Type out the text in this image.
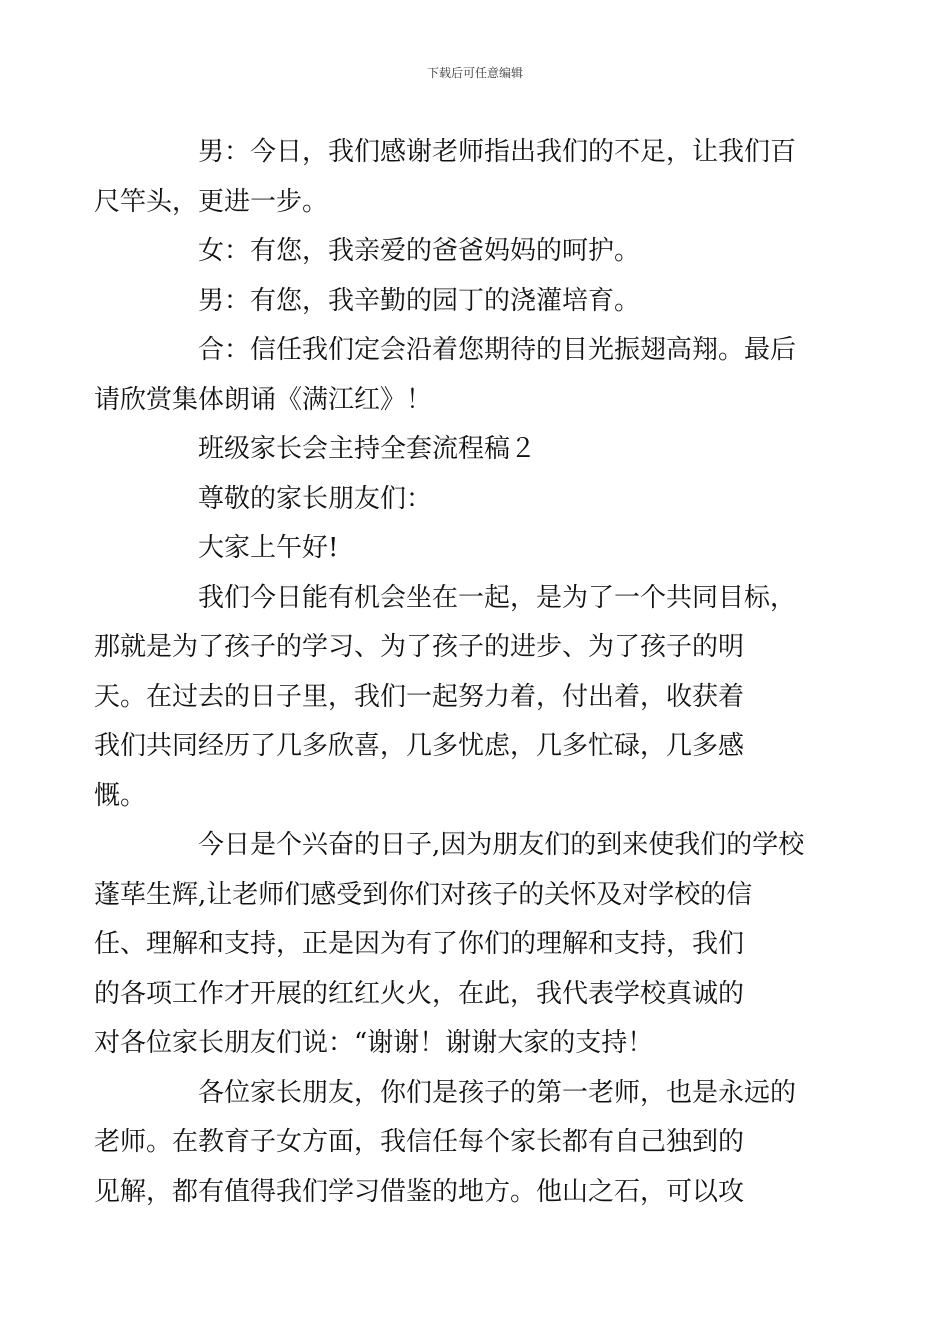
下载后可任意编辑

男：今日，我们感谢老师指出我们的不足，让我们百
尺竿头，更进一步。

女：有您，我亲爱的爸爸妈妈的呵护。

男：有您，我辛勤的园丁的浇灌培育。

合：信任我们定会沿着您期待的目光振翅高翔。最后
请欣赏集体朗诵《满江红》！

班级家长会主持全套流程稿２

尊敬的家长朋友们：

大家上午好!

我们今日能有机会坐在一起，是为了一个共同目标，
那就是为了孩子的学习、为了孩子的进步、为了孩子的明
天。在过去的日子里，我们一起努力着，付出着，收获着
我们共同经历了几多欣喜，几多忧虑，几多忙碌，几多感
慨。

今日是个兴奋的日子,因为朋友们的到来使我们的学校
蓬荜生辉,让老师们感受到你们对孩子的关怀及对学校的信
任、理解和支持，正是因为有了你们的理解和支持，我们
的各项工作才开展的红红火火，在此，我代表学校真诚的
对各位家长朋友们说：“谢谢！谢谢大家的支持！

各位家长朋友，你们是孩子的第一老师，也是永远的
老师。在教育子女方面，我信任每个家长都有自己独到的
见解，都有值得我们学习借鉴的地方。他山之石，可以攻
